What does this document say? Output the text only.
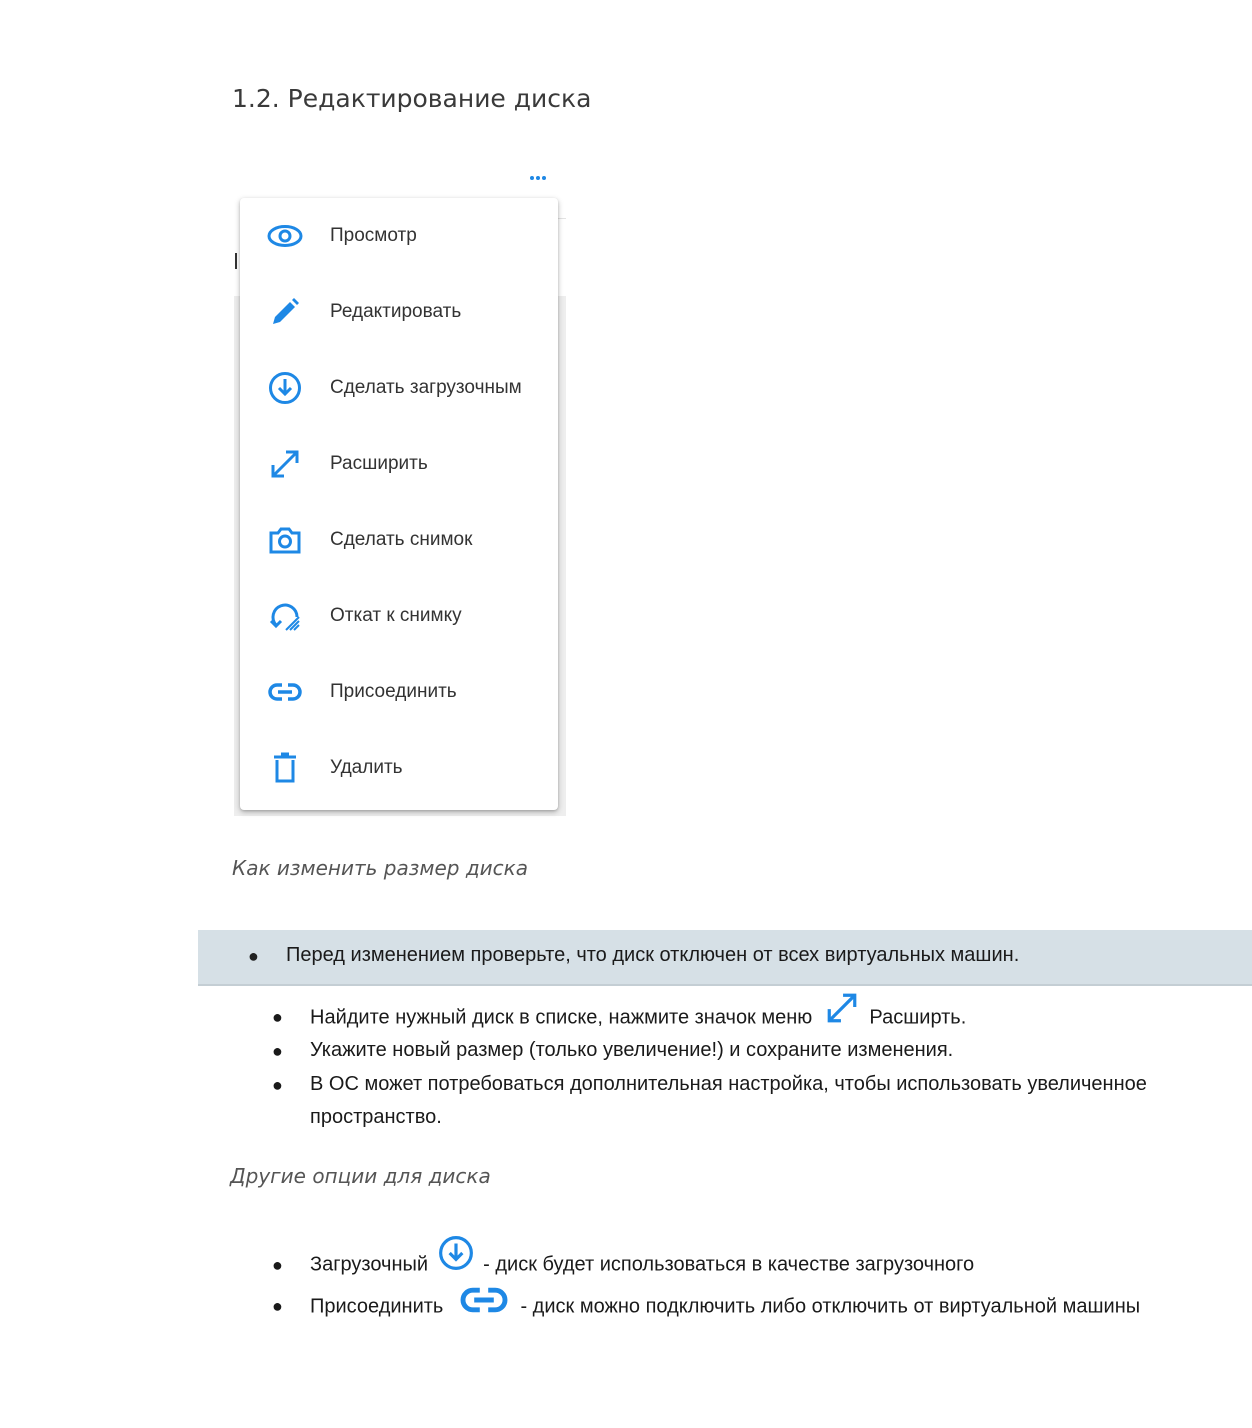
1.2. Редактирование диска
Просмотр
Редактировать
Сделать загрузочным
Расширить
Сделать снимок
Откат к снимку
Присоединить
Удалить

Как изменить размер диска

● Перед изменением проверьте, что диск отключен от всех виртуальных машин.
● Найдите нужный диск в списке, нажмите значок меню	Расширть.
● Укажите новый размер (только увеличение!) и сохраните изменения.
● В ОС может потребоваться дополнительная настройка, чтобы использовать увеличенное
пространство.

Другие опции для диска

● Загрузочный	- диск будет использоваться в качестве загрузочного
● Присоединить	- диск можно подключить либо отключить от виртуальной машины
